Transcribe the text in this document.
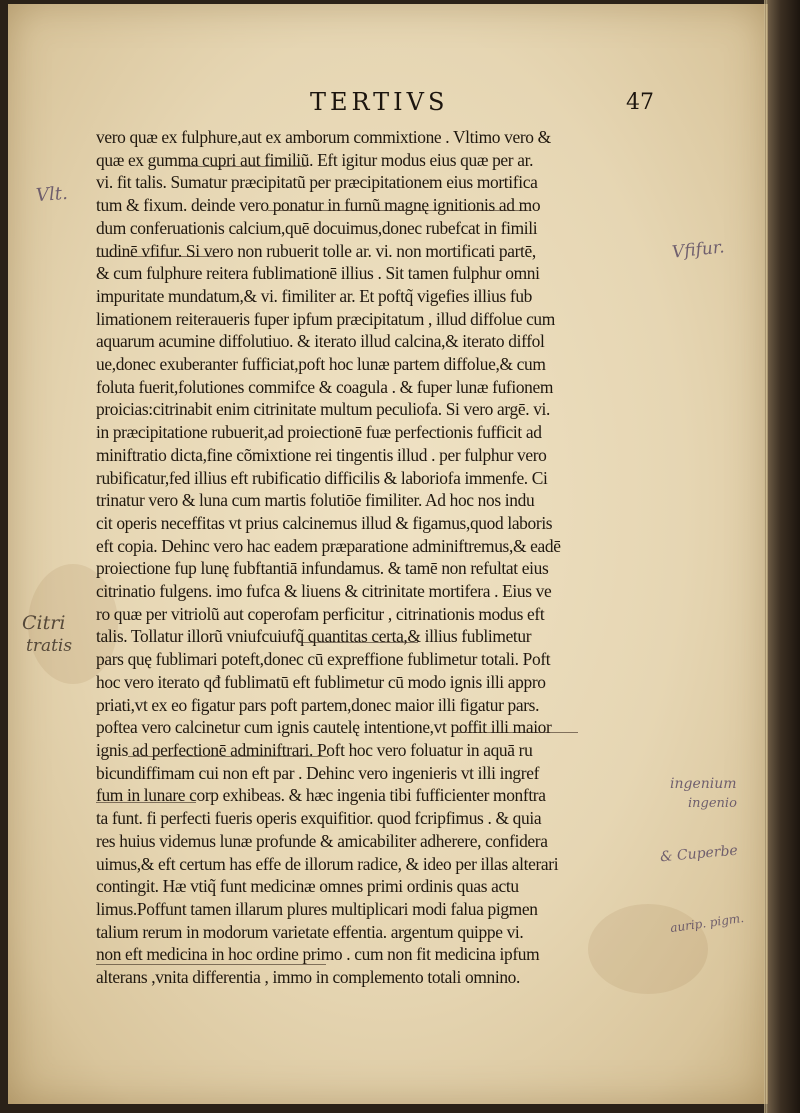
TERTIVS	47
vero quæ ex fulphure,aut ex amborum commixtione . Vltimo vero &
quæ ex gumma cupri aut fimiliũ. Eft igitur modus eius quæ per ar.
vi. fit talis. Sumatur præcipitatũ per præcipitationem eius mortifica
tum & fixum. deinde vero ponatur in furnũ magnę ignitionis ad mo
dum conferuationis calcium,quē docuimus,donec rubefcat in fimili
tudinē vfifur. Si vero non rubuerit tolle ar. vi. non mortificati partē,
& cum fulphure reitera fublimationē illius . Sit tamen fulphur omni
impuritate mundatum,& vi. fimiliter ar. Et poftq̃ vigefies illius fub
limationem reiteraueris fuper ipfum præcipitatum , illud diffolue cum
aquarum acumine diffolutiuo. & iterato illud calcina,& iterato diffol
ue,donec exuberanter fufficiat,poft hoc lunæ partem diffolue,& cum
foluta fuerit,folutiones commifce & coagula . & fuper lunæ fufionem
proicias:citrinabit enim citrinitate multum peculiofa. Si vero argē. vi.
in præcipitatione rubuerit,ad proiectionē fuæ perfectionis fufficit ad
miniftratio dicta,fine cõmixtione rei tingentis illud . per fulphur vero
rubificatur,fed illius eft rubificatio difficilis & laboriofa immenfe. Ci
trinatur vero & luna cum martis folutiōe fimiliter. Ad hoc nos indu
cit operis neceffitas vt prius calcinemus illud & figamus,quod laboris
eft copia. Dehinc vero hac eadem præparatione adminiftremus,& eadē
proiectione fup lunę fubftantiā infundamus. & tamē non refultat eius
citrinatio fulgens. imo fufca & liuens & citrinitate mortifera . Eius ve
ro quæ per vitriolũ aut coperofam perficitur , citrinationis modus eft
talis. Tollatur illorũ vniufcuiufq̃ quantitas certa,& illius fublimetur
pars quę fublimari poteft,donec cū expreffione fublimetur totali. Poft
hoc vero iterato qđ fublimatū eft fublimetur cū modo ignis illi appro
priati,vt ex eo figatur pars poft partem,donec maior illi figatur pars.
poftea vero calcinetur cum ignis cautelę intentione,vt poffit illi maior
ignis ad perfectionē adminiftrari. Poft hoc vero foluatur in aquā ru
bicundiffimam cui non eft par . Dehinc vero ingenieris vt illi ingref
fum in lunare corp exhibeas. & hæc ingenia tibi fufficienter monftra
ta funt. fi perfecti fueris operis exquifitior. quod fcripfimus . & quia
res huius videmus lunæ profunde & amicabiliter adherere, confidera
uimus,& eft certum has effe de illorum radice, & ideo per illas alterari
contingit. Hæ vtiq̃ funt medicinæ omnes primi ordinis quas actu
limus.Poffunt tamen illarum plures multiplicari modi falua pigmen
talium rerum in modorum varietate effentia. argentum quippe vi.
non eft medicina in hoc ordine primo . cum non fit medicina ipfum
alterans ,vnita differentia , immo in complemento totali omnino.
Vlt.
Vfifur.
Citri
tratis
ingenium
ingenio
& Cuperbe
aurip. pigm.
